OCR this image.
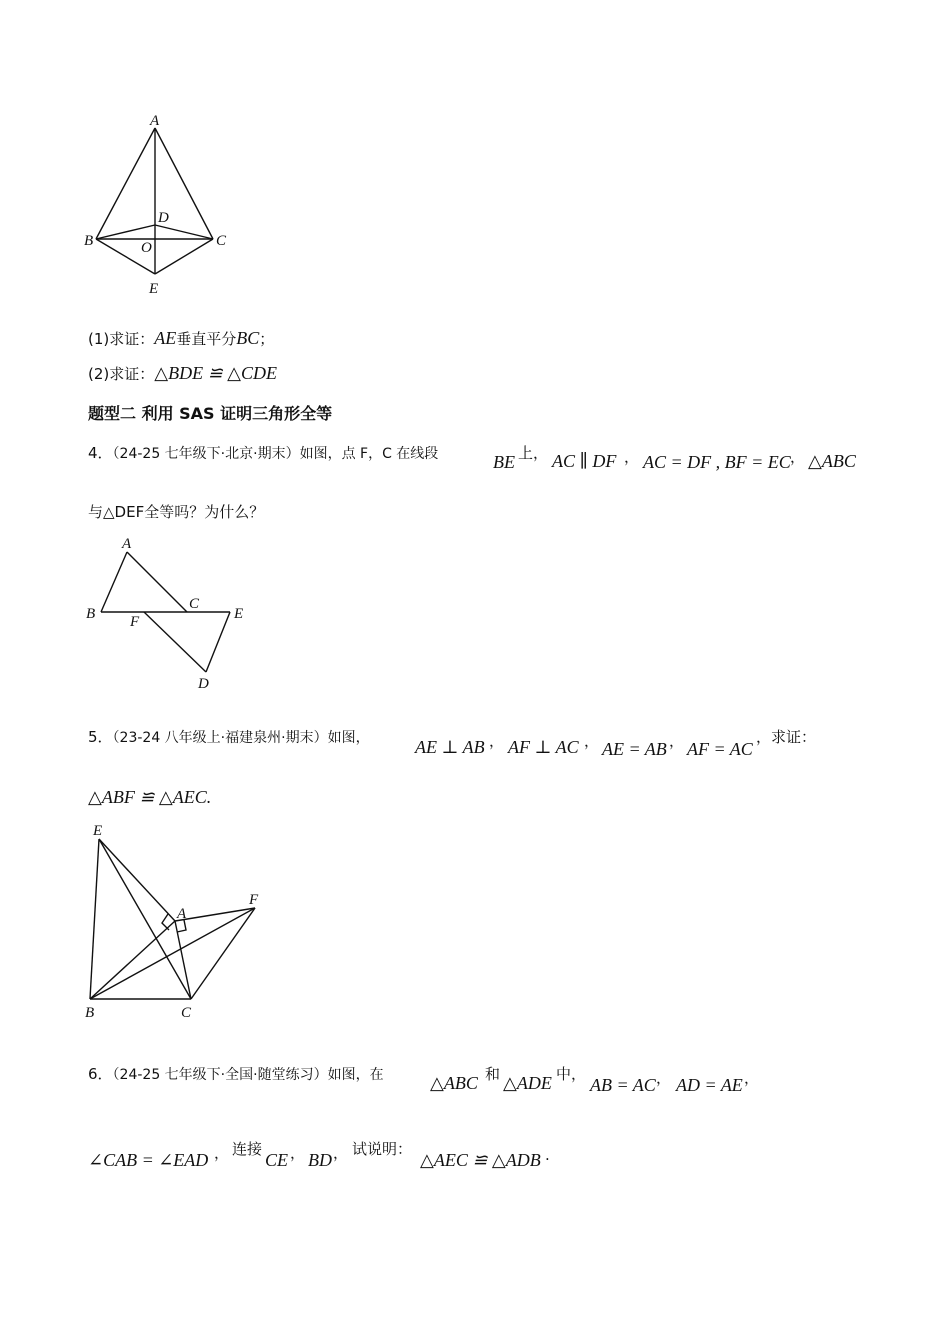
A
B	C
D
O
E
(1)求证：AE垂直平分BC；
(2)求证：△BDE ≌ △CDE
题型二 利用 SAS 证明三角形全等
4．（24-25 七年级下·北京·期末）如图，点 F，C 在线段	BE 上， AC ∥ DF ， AC = DF , BF = EC ， △ABC
与△DEF全等吗？为什么？
A
B
C
E
F
D
5．（23-24 八年级上·福建泉州·期末）如图，	AE ⊥ AB ， AF ⊥ AC ， AE = AB ， AF = AC
，求证：
△ABF ≌ △AEC.
E
A
F
B	C
6．（24-25 七年级下·全国·随堂练习）如图，在	△ABC 和 △ADE 中，
AB = AC ， AD = AE ，
∠CAB = ∠EAD ， 连接
CE ， BD ， 试说明：
△AEC ≌ △ADB .
